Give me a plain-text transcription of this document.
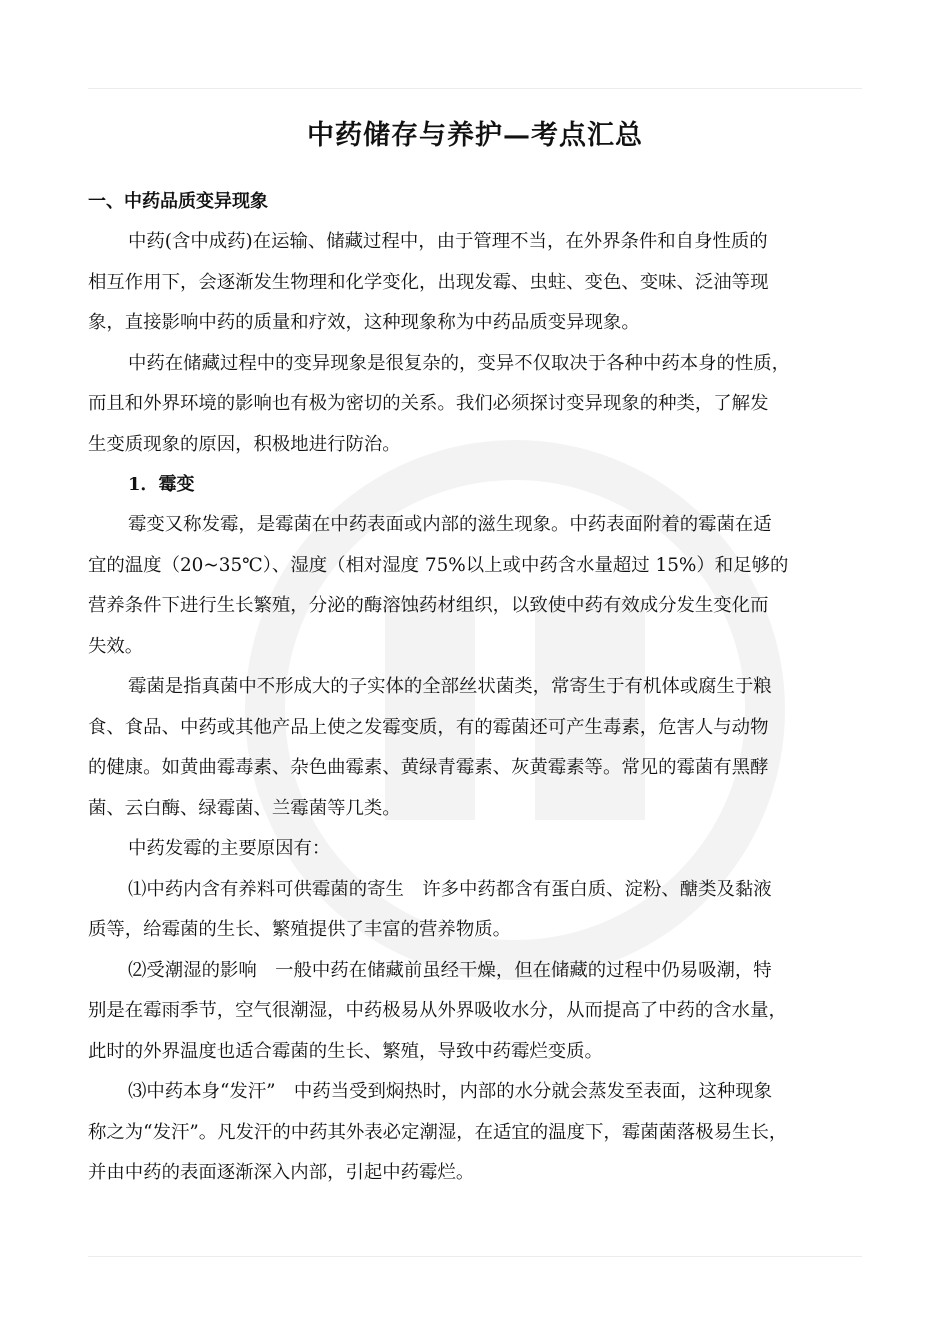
中药储存与养护—考点汇总
一、中药品质变异现象

中药(含中成药)在运输、储藏过程中，由于管理不当，在外界条件和自身性质的
相互作用下，会逐渐发生物理和化学变化，出现发霉、虫蛀、变色、变味、泛油等现
象，直接影响中药的质量和疗效，这种现象称为中药品质变异现象。

中药在储藏过程中的变异现象是很复杂的，变异不仅取决于各种中药本身的性质，
而且和外界环境的影响也有极为密切的关系。我们必须探讨变异现象的种类，了解发
生变质现象的原因，积极地进行防治。

1．霉变

霉变又称发霉，是霉菌在中药表面或内部的滋生现象。中药表面附着的霉菌在适
宜的温度（20~35℃）、湿度（相对湿度 75%以上或中药含水量超过 15%）和足够的
营养条件下进行生长繁殖，分泌的酶溶蚀药材组织，以致使中药有效成分发生变化而
失效。

霉菌是指真菌中不形成大的子实体的全部丝状菌类，常寄生于有机体或腐生于粮
食、食品、中药或其他产品上使之发霉变质，有的霉菌还可产生毒素，危害人与动物
的健康。如黄曲霉毒素、杂色曲霉素、黄绿青霉素、灰黄霉素等。常见的霉菌有黑酵
菌、云白酶、绿霉菌、兰霉菌等几类。

中药发霉的主要原因有：

⑴中药内含有养料可供霉菌的寄生　许多中药都含有蛋白质、淀粉、醣类及黏液
质等，给霉菌的生长、繁殖提供了丰富的营养物质。

⑵受潮湿的影响　一般中药在储藏前虽经干燥，但在储藏的过程中仍易吸潮，特
别是在霉雨季节，空气很潮湿，中药极易从外界吸收水分，从而提高了中药的含水量，
此时的外界温度也适合霉菌的生长、繁殖，导致中药霉烂变质。

⑶中药本身“发汗”　中药当受到焖热时，内部的水分就会蒸发至表面，这种现象
称之为“发汗”。凡发汗的中药其外表必定潮湿，在适宜的温度下，霉菌菌落极易生长，
并由中药的表面逐渐深入内部，引起中药霉烂。
